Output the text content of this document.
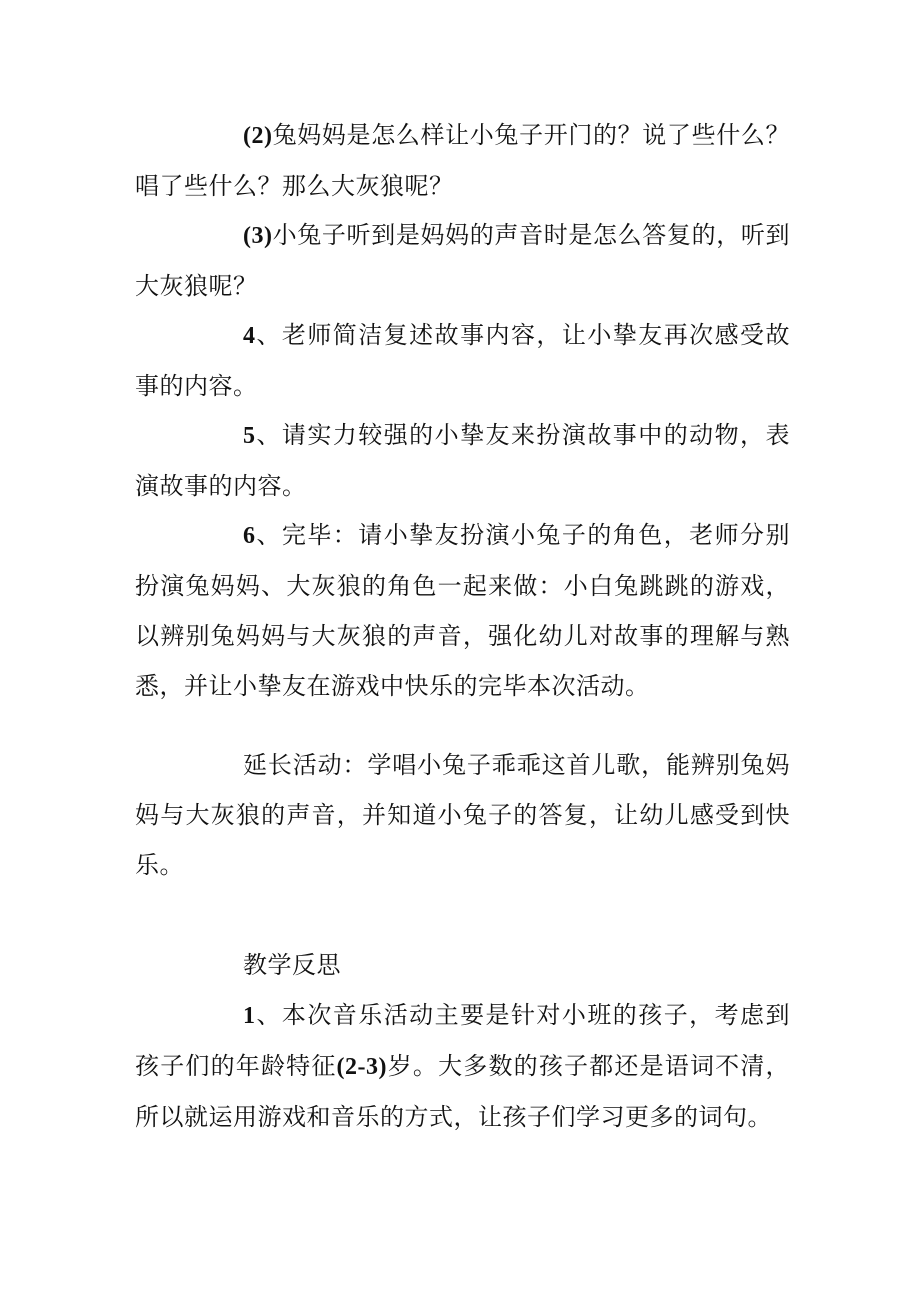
(2)兔妈妈是怎么样让小兔子开门的？说了些什么？唱了些什么？那么大灰狼呢？

(3)小兔子听到是妈妈的声音时是怎么答复的，听到大灰狼呢？

4、老师简洁复述故事内容，让小挚友再次感受故事的内容。

5、请实力较强的小挚友来扮演故事中的动物，表演故事的内容。

6、完毕：请小挚友扮演小兔子的角色，老师分别扮演兔妈妈、大灰狼的角色一起来做：小白兔跳跳的游戏，以辨别兔妈妈与大灰狼的声音，强化幼儿对故事的理解与熟悉，并让小挚友在游戏中快乐的完毕本次活动。

延长活动：学唱小兔子乖乖这首儿歌，能辨别兔妈妈与大灰狼的声音，并知道小兔子的答复，让幼儿感受到快乐。

教学反思

1、本次音乐活动主要是针对小班的孩子，考虑到孩子们的年龄特征(2-3)岁。大多数的孩子都还是语词不清，所以就运用游戏和音乐的方式，让孩子们学习更多的词句。
